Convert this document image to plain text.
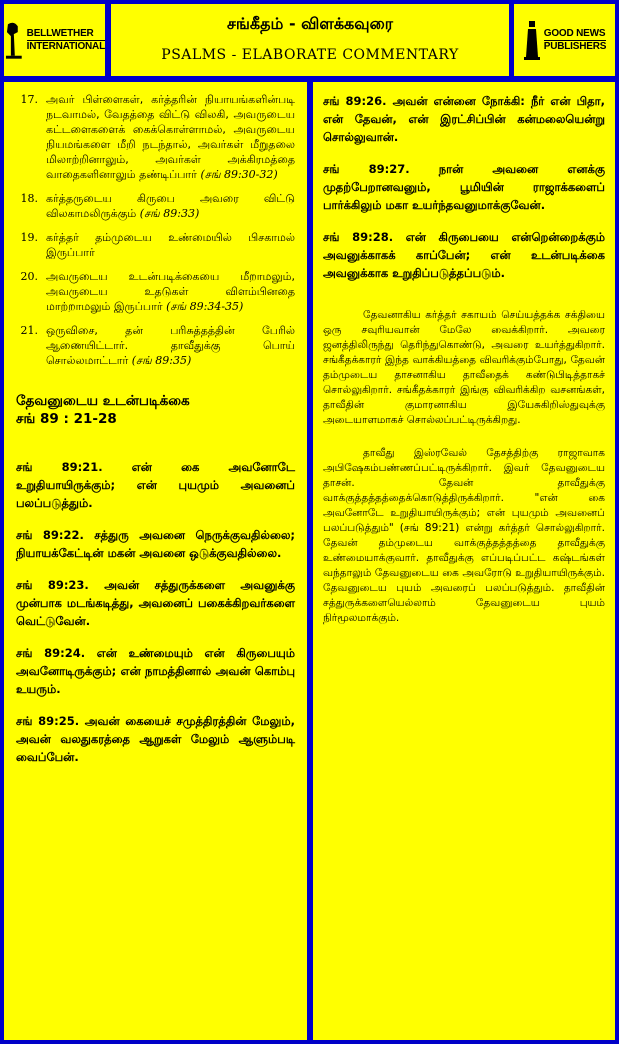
BELLWETHER
INTERNATIONAL
சங்கீதம் - விளக்கவுரை
PSALMS - ELABORATE COMMENTARY
GOOD NEWS
PUBLISHERS
17. அவர் பிள்ளைகள், கர்த்தரின் நியாயங்களின்படி நடவாமல், வேதத்தை விட்டு விலகி, அவருடைய கட்டளைகளைக் கைக்கொள்ளாமல், அவருடைய நியமங்களை மீறி நடந்தால், அவர்கள் மீறுதலை மிலாற்றினாலும், அவர்கள் அக்கிரமத்தை வாதைகளினாலும் தண்டிப்பார் (சங் 89:30-32)
18. கர்த்தருடைய கிருபை அவரை விட்டு விலகாமலிருக்கும் (சங் 89:33)
19. கர்த்தர் தம்முடைய உண்மையில் பிசகாமல் இருப்பார்
20. அவருடைய உடன்படிக்கையை மீறாமலும், அவருடைய உதடுகள் விளம்பினதை மாற்றாமலும் இருப்பார் (சங் 89:34-35)
21. ஒருவிசை, தன் பரிசுத்தத்தின் பேரில் ஆணையிட்டார். தாவீதுக்கு பொய் சொல்லமாட்டார் (சங் 89:35)
தேவனுடைய உடன்படிக்கை
சங் 89 : 21-28
சங் 89:21. என் கை அவனோடே உறுதியாயிருக்கும்; என் புயமும் அவனைப் பலப்படுத்தும்.
சங் 89:22. சத்துரு அவனை நெருக்குவதில்லை; நியாயக்கேட்டின் மகன் அவனை ஒடுக்குவதில்லை.
சங் 89:23. அவன் சத்துருக்களை அவனுக்கு முன்பாக மடங்கடித்து, அவனைப் பகைக்கிறவர்களை வெட்டுவேன்.
சங் 89:24. என் உண்மையும் என் கிருபையும் அவனோடிருக்கும்; என் நாமத்தினால் அவன் கொம்பு உயரும்.
சங் 89:25. அவன் கையைச் சமுத்திரத்தின் மேலும், அவன் வலதுகரத்தை ஆறுகள் மேலும் ஆளும்படி வைப்பேன்.
சங் 89:26. அவன் என்னை நோக்கி: நீர் என் பிதா, என் தேவன், என் இரட்சிப்பின் கன்மலையென்று சொல்லுவான்.
சங் 89:27. நான் அவனை எனக்கு முதற்பேறானவனும், பூமியின் ராஜாக்களைப் பார்க்கிலும் மகா உயர்ந்தவனுமாக்குவேன்.
சங் 89:28. என் கிருபையை என்றென்றைக்கும் அவனுக்காகக் காப்பேன்; என் உடன்படிக்கை அவனுக்காக உறுதிப்படுத்தப்படும்.

தேவனாகிய கர்த்தர் சகாயம் செய்யத்தக்க சக்தியை ஒரு சவுரியவான் மேலே வைக்கிறார். அவரை ஜனத்திலிருந்து தெரிந்துகொண்டு, அவரை உயர்த்துகிறார். சங்கீதக்காரர் இந்த வாக்கியத்தை விவரிக்கும்போது, தேவன் தம்முடைய தாசனாகிய தாவீதைக் கண்டுபிடித்தாகச் சொல்லுகிறார். சங்கீதக்காரர் இங்கு விவரிக்கிற வசனங்கள், தாவீதின் குமாரனாகிய இயேசுகிறிஸ்துவுக்கு அடையாளமாகச் சொல்லப்பட்டிருக்கிறது.

தாவீது இஸ்ரவேல் தேசத்திற்கு ராஜாவாக அபிஷேகம்பண்ணப்பட்டிருக்கிறார். இவர் தேவனுடைய தாசன். தேவன் தாவீதுக்கு வாக்குத்தத்தத்தைக்கொடுத்திருக்கிறார். "என் கை அவனோடே உறுதியாயிருக்கும்; என் புயமும் அவனைப் பலப்படுத்தும்" (சங் 89:21) என்று கர்த்தர் சொல்லுகிறார். தேவன் தம்முடைய வாக்குத்தத்தத்தை தாவீதுக்கு உண்மையாக்குவார். தாவீதுக்கு எப்படிப்பட்ட கஷ்டங்கள் வந்தாலும் தேவனுடைய கை அவரோடு உறுதியாயிருக்கும். தேவனுடைய புயம் அவரைப் பலப்படுத்தும். தாவீதின் சத்துருக்களையெல்லாம் தேவனுடைய புயம் நிர்மூலமாக்கும்.
